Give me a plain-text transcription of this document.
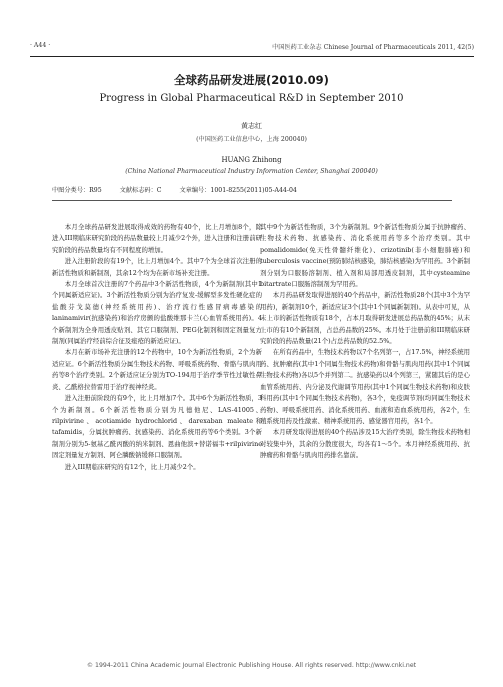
· A44 ·	中国医药工业杂志 Chinese Journal of Pharmaceuticals 2011, 42(5)
全球药品研发进展(2010.09)
Progress in Global Pharmaceutical R&D in September 2010
黄志红
(中国医药工业信息中心，上海 200040)
HUANG Zhihong
(China National Pharmaceutical Industry Information Center, Shanghai 200040)
中图分类号：R95	文献标志码：C	文章编号：1001-8255(2011)05-A44-04

本月全球药品研发进展取得成效的药物有40个，比上月增加8个，除进入III期临床研究阶段的药品数量较上月减少2个外，进入注册和注册前研究阶段的药品数量均有不同程度的增加。

进入注册阶段的有19个，比上月增加4个。其中7个为全球首次注册的新活性物质和新制剂，其余12个均为在新市场补充注册。

本月全球首次注册的7个药品中3个新活性物质，4个为新制剂(其中1个同属新适应证)。3个新活性物质分别为治疗复发-缓解型多发性硬化症的盐酸芬戈莫德(神经系统用药)、治疗流行性感冒病毒感染的laninamivir(抗感染药)和治疗房颤的盐酸维那卡兰(心血管系统用药)。4个新制剂为全身用透皮贴剂、其它口服制剂、PEG化制剂和固定剂量复方制剂(同属治疗经前综合征及痤疮的新适应证)。

本月在新市场补充注册的12个药物中，10个为新活性物质，2个为新适应证。6个新活性物质分属生物技术药物、呼吸系统药物、骨骼与肌肉用药等8个治疗类别。2个新适应证分别为TO-194用于治疗季节性过敏性鼻炎、乙酰格拉替雷用于治疗视神经炎。

进入注册前阶段的有9个，比上月增加7个。其中6个为新活性物质，3个为新制剂。6个新活性物质分别为凡德他尼、LAS-41005、rilpivirine、acotiamide hydrochlorid、darexaban maleate和tafamidis，分属抗肿瘤药、抗感染药、消化系统用药等6个类别。3个新制剂分别为5-氨基乙酰丙酸的纳米制剂、恩曲他滨+替诺福韦+rilpivirine固定剂量复方制剂、阿仑膦酸钠缓释口服制剂。

进入III期临床研究的有12个，比上月减少2个。

其中9个为新活性物质，3个为新制剂。9个新活性物质分属于抗肿瘤药、生物技术药物、抗感染药、消化系统用药等多个治疗类别。其中pomalidomide(免天性骨髓纤维化)、crizotinib(非小细胞肺癌)和tuberculosis vaccine(预防肺结核感染，肺结核感染)为罕用药。3个新制剂分别为口服肠溶制剂、植入剂和局部用透皮制剂，其中cysteamine bitartrate口服肠溶制剂为罕用药。

本月药品研发取得进展的40个药品中，新活性物质28个(其中3个为罕用药)，新制剂10个，新适应证3个(其中1个同属新制剂)。从表中可见，从末上市的新活性物质有18个，占本月取得研发进展总药品数的45%；从末上市的有10个新制剂，占总药品数的25%。本月处于注册前和III期临床研究阶段的药品数量(21个)占总药品数的52.5%。

在所有药品中，生物技术药物以7个名列第一，占17.5%，神经系统用药、抗肿瘤药(其中1个同属生物技术药物)和骨骼与肌肉用药(其中1个同属生物技术药物)各以5个并列第二。抗感染药以4个列第三，紧随其后的是心血管系统用药、内分泌及代谢调节用药(其中1个同属生物技术药物)和皮肤科用药(其中1个同属生物技术药物)，各3个，免疫调节剂(均同属生物技术药物)、呼吸系统用药、消化系统用药、血液和造血系统用药，各2个，生殖系统用药及性激素、精神系统用药、感觉器官用药，各1个。

本月研发取得进展的40个药品涉及15大治疗类别，除生物技术药物相对较集中外，其余的分散度很大，均各有1～5个。本月神经系统用药、抗肿瘤药和骨骼与肌肉用药排名靠前。

© 1994-2011 China Academic Journal Electronic Publishing House. All rights reserved. http://www.cnki.net
